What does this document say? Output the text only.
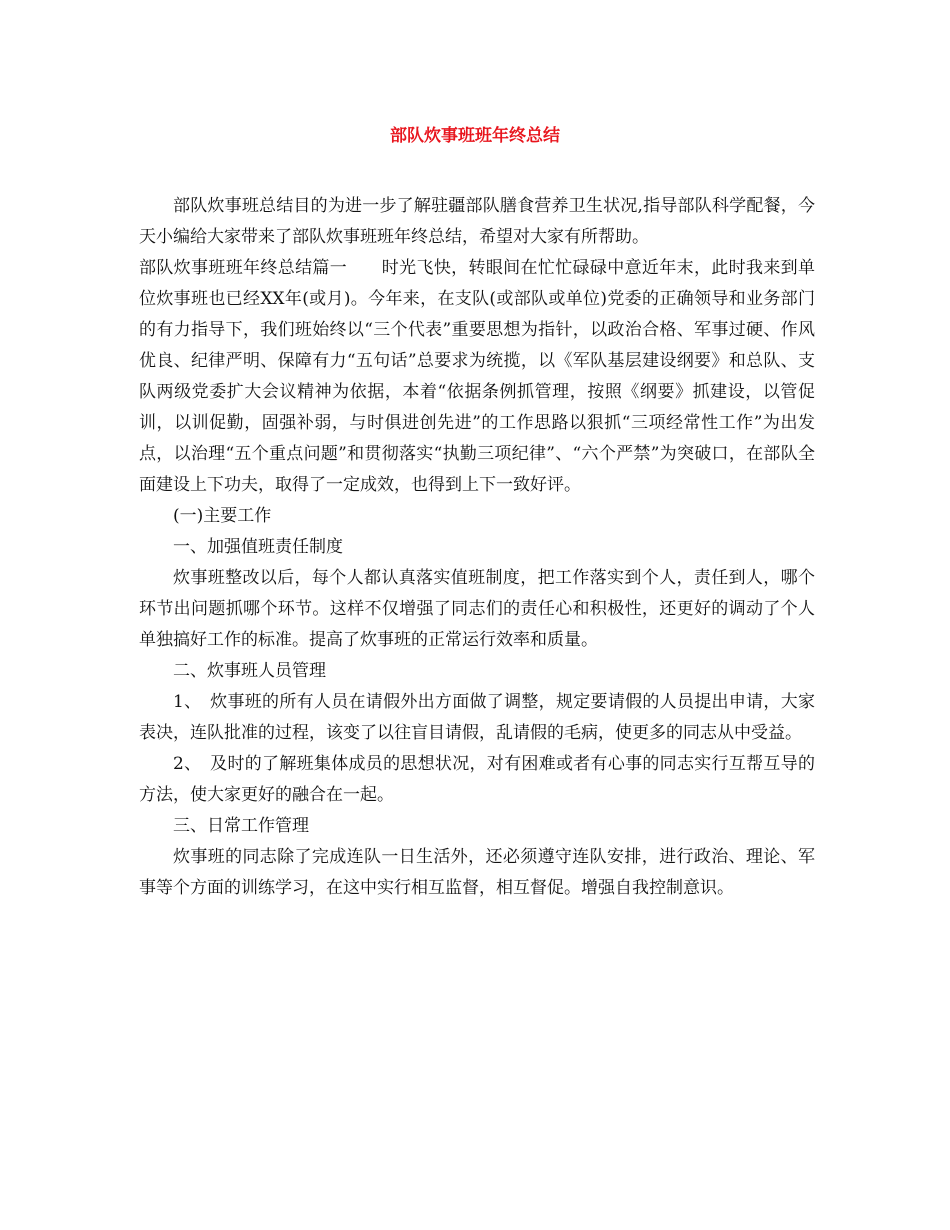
部队炊事班班年终总结

部队炊事班总结目的为进一步了解驻疆部队膳食营养卫生状况,指导部队科学配餐，今天小编给大家带来了部队炊事班班年终总结，希望对大家有所帮助。

部队炊事班班年终总结篇一　　时光飞快，转眼间在忙忙碌碌中意近年末，此时我来到单位炊事班也已经XX年(或月)。今年来，在支队(或部队或单位)党委的正确领导和业务部门的有力指导下，我们班始终以“三个代表”重要思想为指针，以政治合格、军事过硬、作风优良、纪律严明、保障有力“五句话”总要求为统揽，以《军队基层建设纲要》和总队、支队两级党委扩大会议精神为依据，本着“依据条例抓管理，按照《纲要》抓建设，以管促训，以训促勤，固强补弱，与时俱进创先进”的工作思路以狠抓“三项经常性工作”为出发点，以治理“五个重点问题”和贯彻落实“执勤三项纪律”、“六个严禁”为突破口，在部队全面建设上下功夫，取得了一定成效，也得到上下一致好评。

(一)主要工作

一、加强值班责任制度

炊事班整改以后，每个人都认真落实值班制度，把工作落实到个人，责任到人，哪个环节出问题抓哪个环节。这样不仅增强了同志们的责任心和积极性，还更好的调动了个人单独搞好工作的标准。提高了炊事班的正常运行效率和质量。

二、炊事班人员管理

1、　炊事班的所有人员在请假外出方面做了调整，规定要请假的人员提出申请，大家表决，连队批准的过程，该变了以往盲目请假，乱请假的毛病，使更多的同志从中受益。

2、　及时的了解班集体成员的思想状况，对有困难或者有心事的同志实行互帮互导的方法，使大家更好的融合在一起。

三、日常工作管理

炊事班的同志除了完成连队一日生活外，还必须遵守连队安排，进行政治、理论、军事等个方面的训练学习，在这中实行相互监督，相互督促。增强自我控制意识。
